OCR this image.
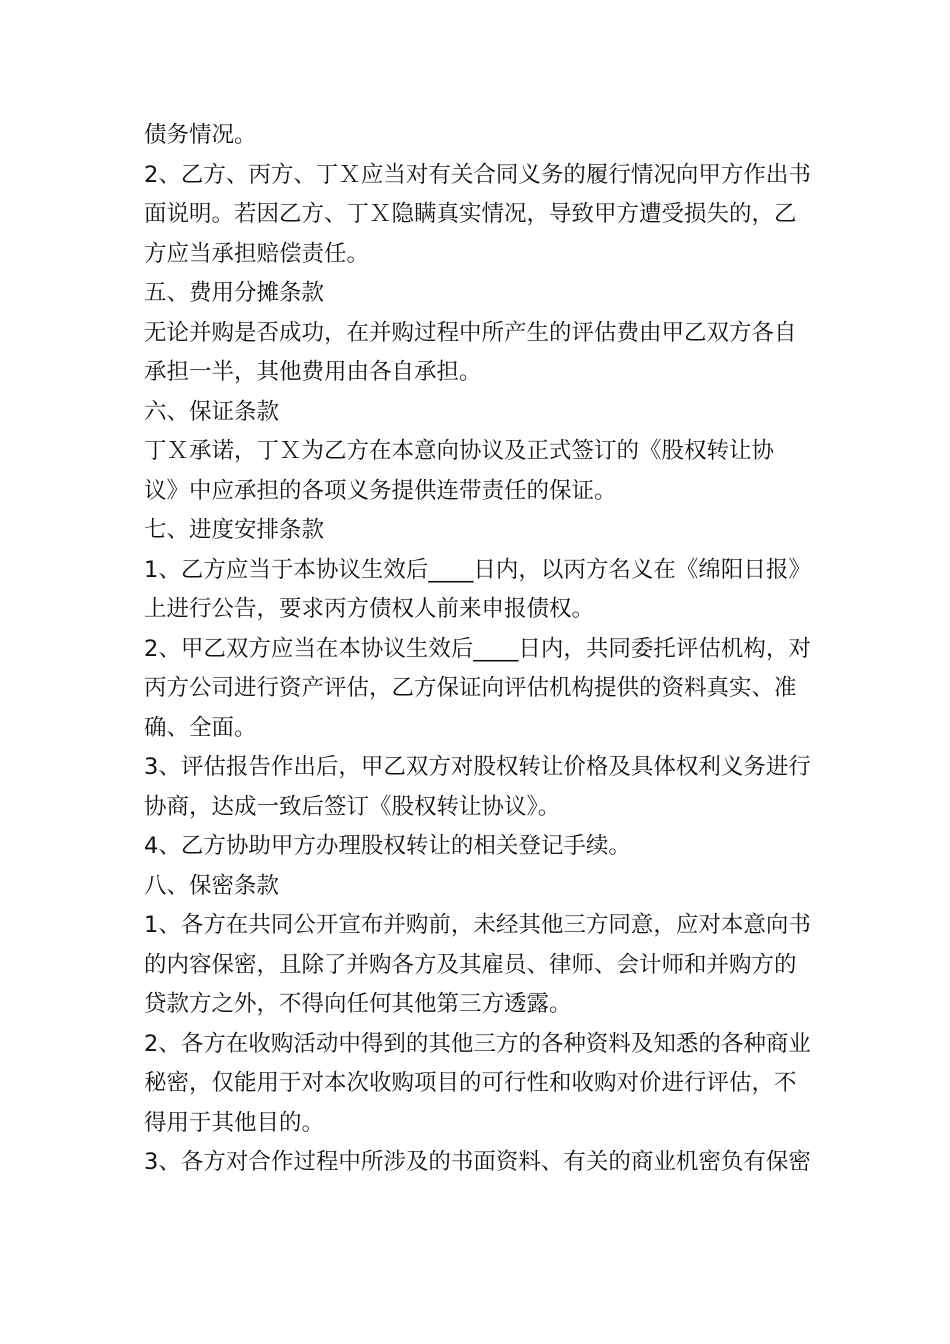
债务情况。
2、乙方、丙方、丁Ｘ应当对有关合同义务的履行情况向甲方作出书
面说明。若因乙方、丁Ｘ隐瞒真实情况，导致甲方遭受损失的，乙
方应当承担赔偿责任。
五、费用分摊条款
无论并购是否成功，在并购过程中所产生的评估费由甲乙双方各自
承担一半，其他费用由各自承担。
六、保证条款
丁Ｘ承诺，丁Ｘ为乙方在本意向协议及正式签订的《股权转让协
议》中应承担的各项义务提供连带责任的保证。
七、进度安排条款
1、乙方应当于本协议生效后____日内，以丙方名义在《绵阳日报》
上进行公告，要求丙方债权人前来申报债权。
2、甲乙双方应当在本协议生效后____日内，共同委托评估机构，对
丙方公司进行资产评估，乙方保证向评估机构提供的资料真实、准
确、全面。
3、评估报告作出后，甲乙双方对股权转让价格及具体权利义务进行
协商，达成一致后签订《股权转让协议》。
4、乙方协助甲方办理股权转让的相关登记手续。
八、保密条款
1、各方在共同公开宣布并购前，未经其他三方同意，应对本意向书
的内容保密，且除了并购各方及其雇员、律师、会计师和并购方的
贷款方之外，不得向任何其他第三方透露。
2、各方在收购活动中得到的其他三方的各种资料及知悉的各种商业
秘密，仅能用于对本次收购项目的可行性和收购对价进行评估，不
得用于其他目的。
3、各方对合作过程中所涉及的书面资料、有关的商业机密负有保密
